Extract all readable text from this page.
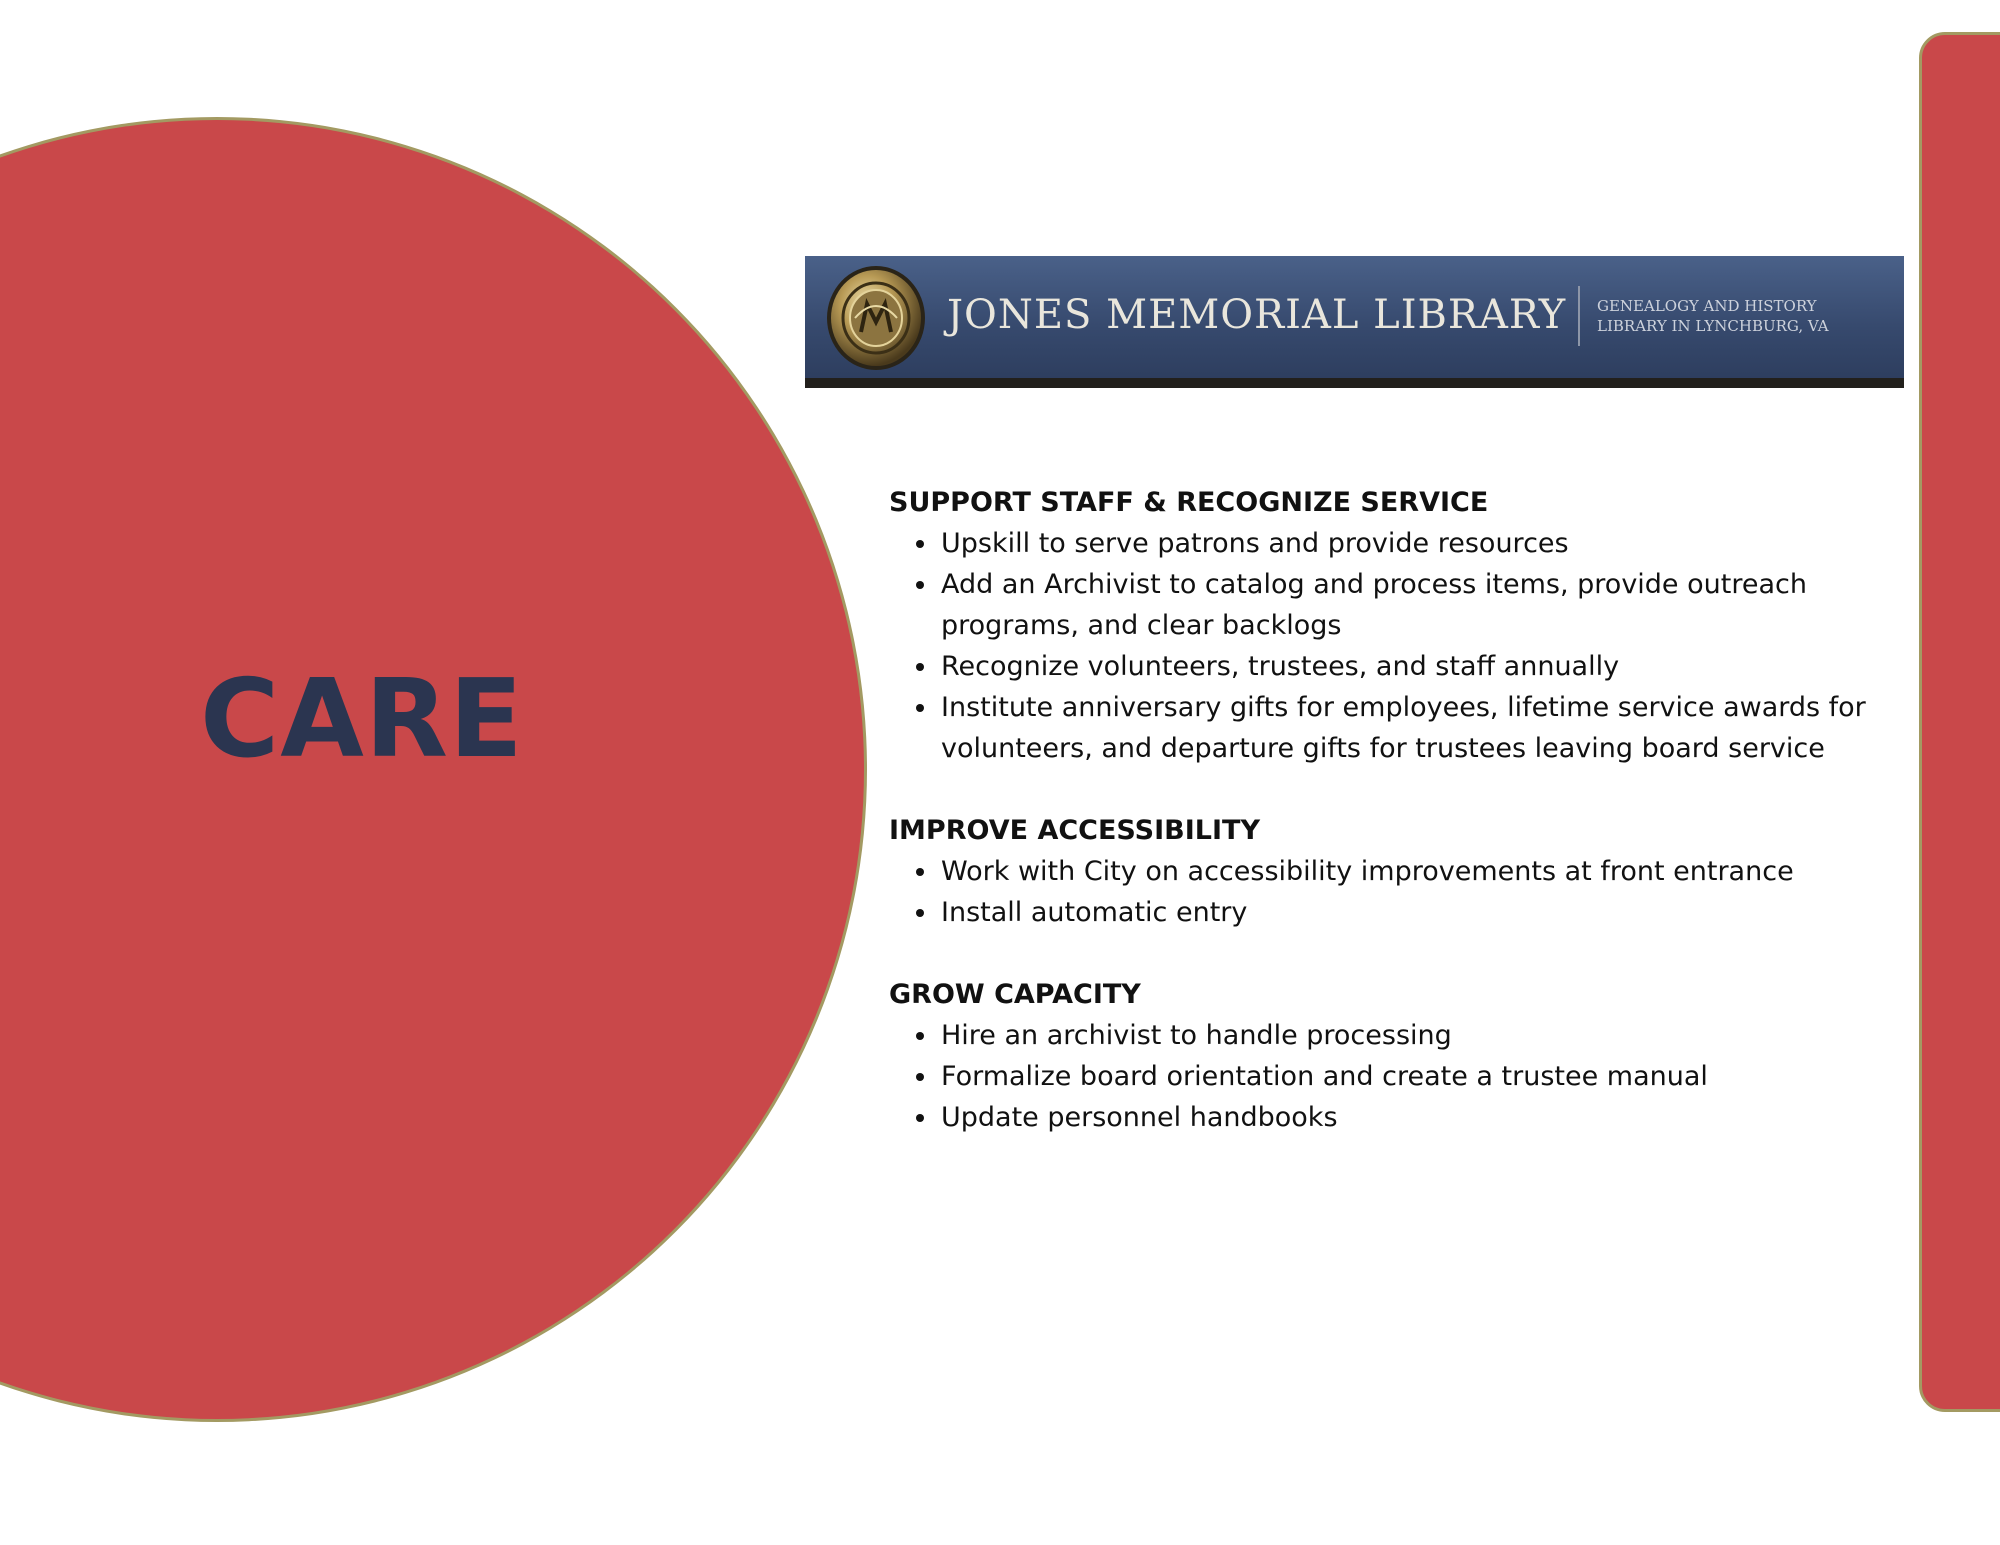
CARE
JONES MEMORIAL LIBRARY GENEALOGY AND HISTORY
LIBRARY IN LYNCHBURG, VA
SUPPORT STAFF & RECOGNIZE SERVICE
• Upskill to serve patrons and provide resources
• Add an Archivist to catalog and process items, provide outreach programs, and clear backlogs
• Recognize volunteers, trustees, and staff annually
• Institute anniversary gifts for employees, lifetime service awards for volunteers, and departure gifts for trustees leaving board service
IMPROVE ACCESSIBILITY
• Work with City on accessibility improvements at front entrance
• Install automatic entry
GROW CAPACITY
• Hire an archivist to handle processing
• Formalize board orientation and create a trustee manual
• Update personnel handbooks
